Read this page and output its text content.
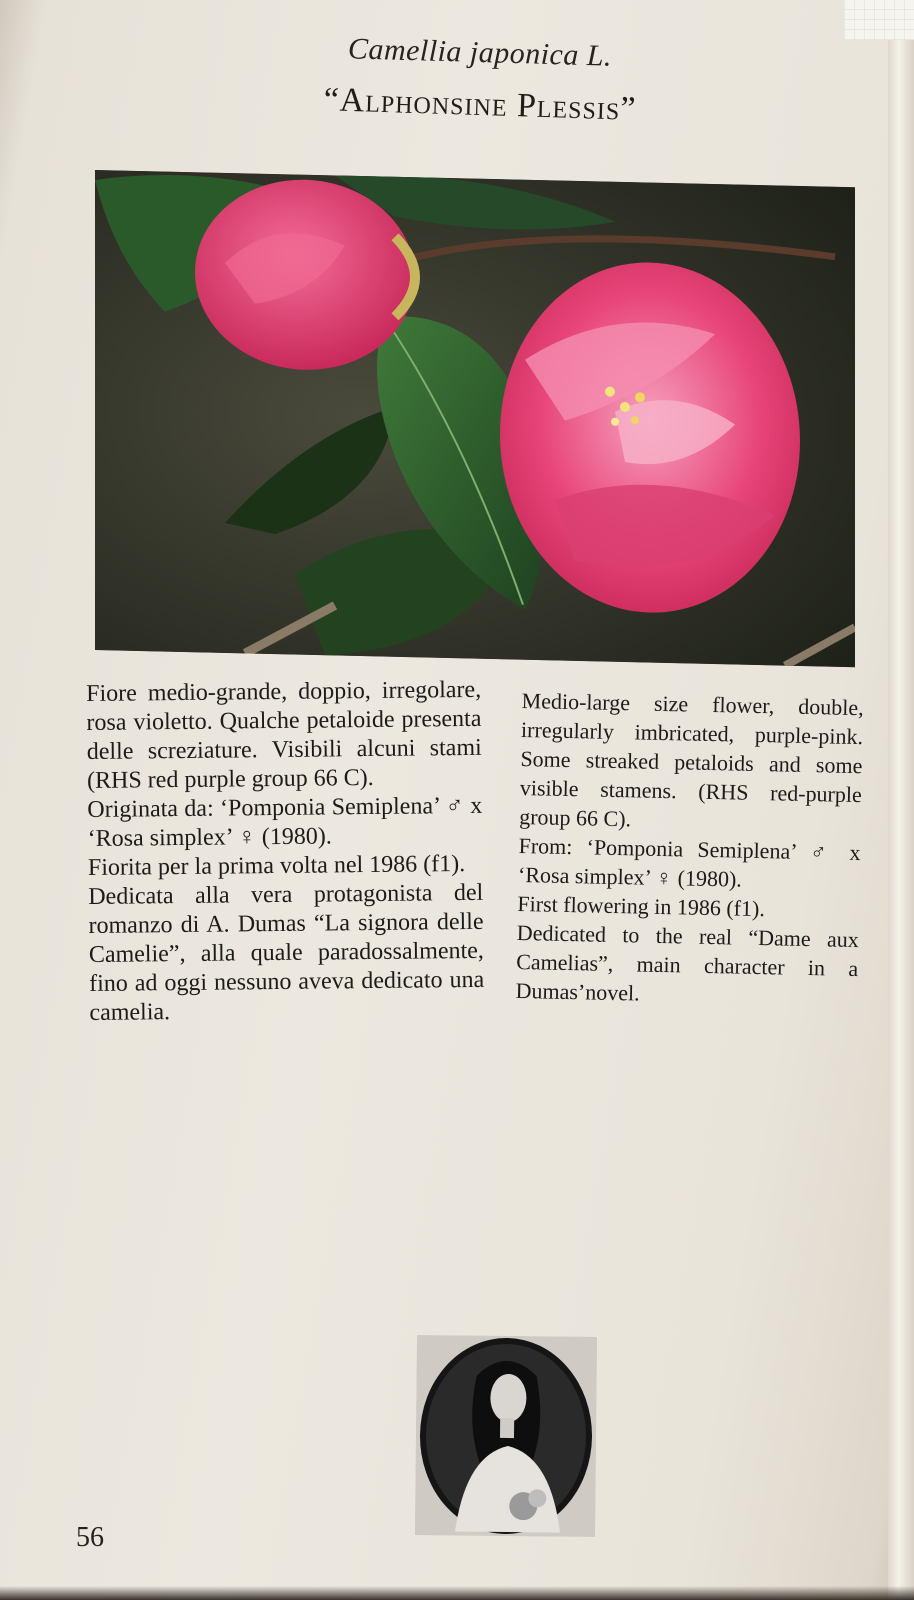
Camellia japonica L.
“Alphonsine Plessis”

Fiore medio-grande, doppio, irregolare, rosa violetto. Qualche petaloide presenta delle screziature. Visibili alcuni stami (RHS red purple group 66 C).

Originata da: ‘Pomponia Semiplena’ ♂ x ‘Rosa simplex’ ♀ (1980).

Fiorita per la prima volta nel 1986 (f1).

Dedicata alla vera protagonista del romanzo di A. Dumas “La signora delle Camelie”, alla quale paradossalmente, fino ad oggi nessuno aveva dedicato una camelia.

Medio-large size flower, double, irregularly imbricated, purple-pink. Some streaked petaloids and some visible stamens. (RHS red-purple group 66 C).

From: ‘Pomponia Semiplena’ ♂ x ‘Rosa simplex’ ♀ (1980).

First flowering in 1986 (f1).

Dedicated to the real “Dame aux Camelias”, main character in a Dumas’novel.

56
